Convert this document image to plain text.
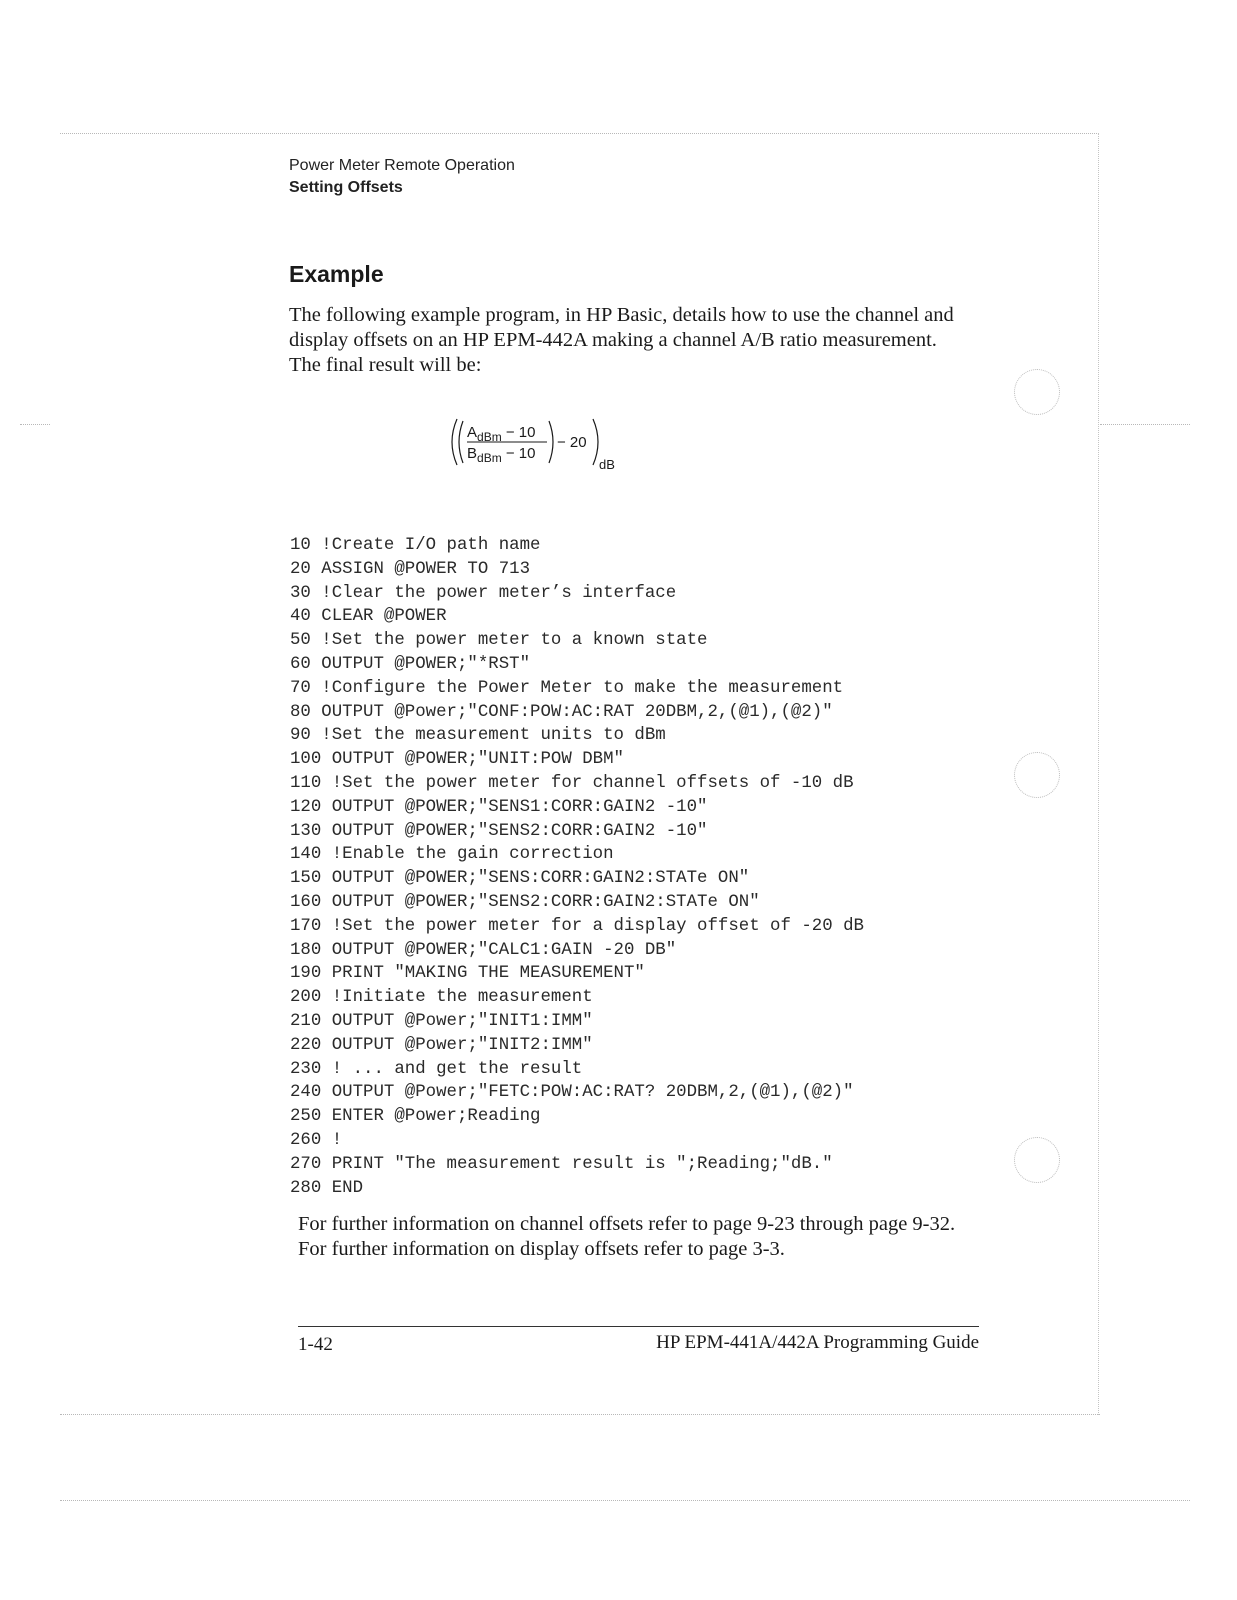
Power Meter Remote Operation
Setting Offsets
Example

The following example program, in HP Basic, details how to use the channel and display offsets on an HP EPM-442A making a channel A/B ratio measurement. The final result will be:

$A_{dBm} - 10$
$B_{dBm} - 10$
− 20
dB
10 !Create I/O path name
20 ASSIGN @POWER TO 713
30 !Clear the power meter’s interface
40 CLEAR @POWER
50 !Set the power meter to a known state
60 OUTPUT @POWER;"*RST"
70 !Configure the Power Meter to make the measurement
80 OUTPUT @Power;"CONF:POW:AC:RAT 20DBM,2,(@1),(@2)"
90 !Set the measurement units to dBm
100 OUTPUT @POWER;"UNIT:POW DBM"
110 !Set the power meter for channel offsets of -10 dB
120 OUTPUT @POWER;"SENS1:CORR:GAIN2 -10"
130 OUTPUT @POWER;"SENS2:CORR:GAIN2 -10"
140 !Enable the gain correction
150 OUTPUT @POWER;"SENS:CORR:GAIN2:STATe ON"
160 OUTPUT @POWER;"SENS2:CORR:GAIN2:STATe ON"
170 !Set the power meter for a display offset of -20 dB
180 OUTPUT @POWER;"CALC1:GAIN -20 DB"
190 PRINT "MAKING THE MEASUREMENT"
200 !Initiate the measurement
210 OUTPUT @Power;"INIT1:IMM"
220 OUTPUT @Power;"INIT2:IMM"
230 ! ... and get the result
240 OUTPUT @Power;"FETC:POW:AC:RAT? 20DBM,2,(@1),(@2)"
250 ENTER @Power;Reading
260 !
270 PRINT "The measurement result is ";Reading;"dB."
280 END

For further information on channel offsets refer to page 9-23 through page 9-32.

For further information on display offsets refer to page 3-3.

1-42	HP EPM-441A/442A Programming Guide
